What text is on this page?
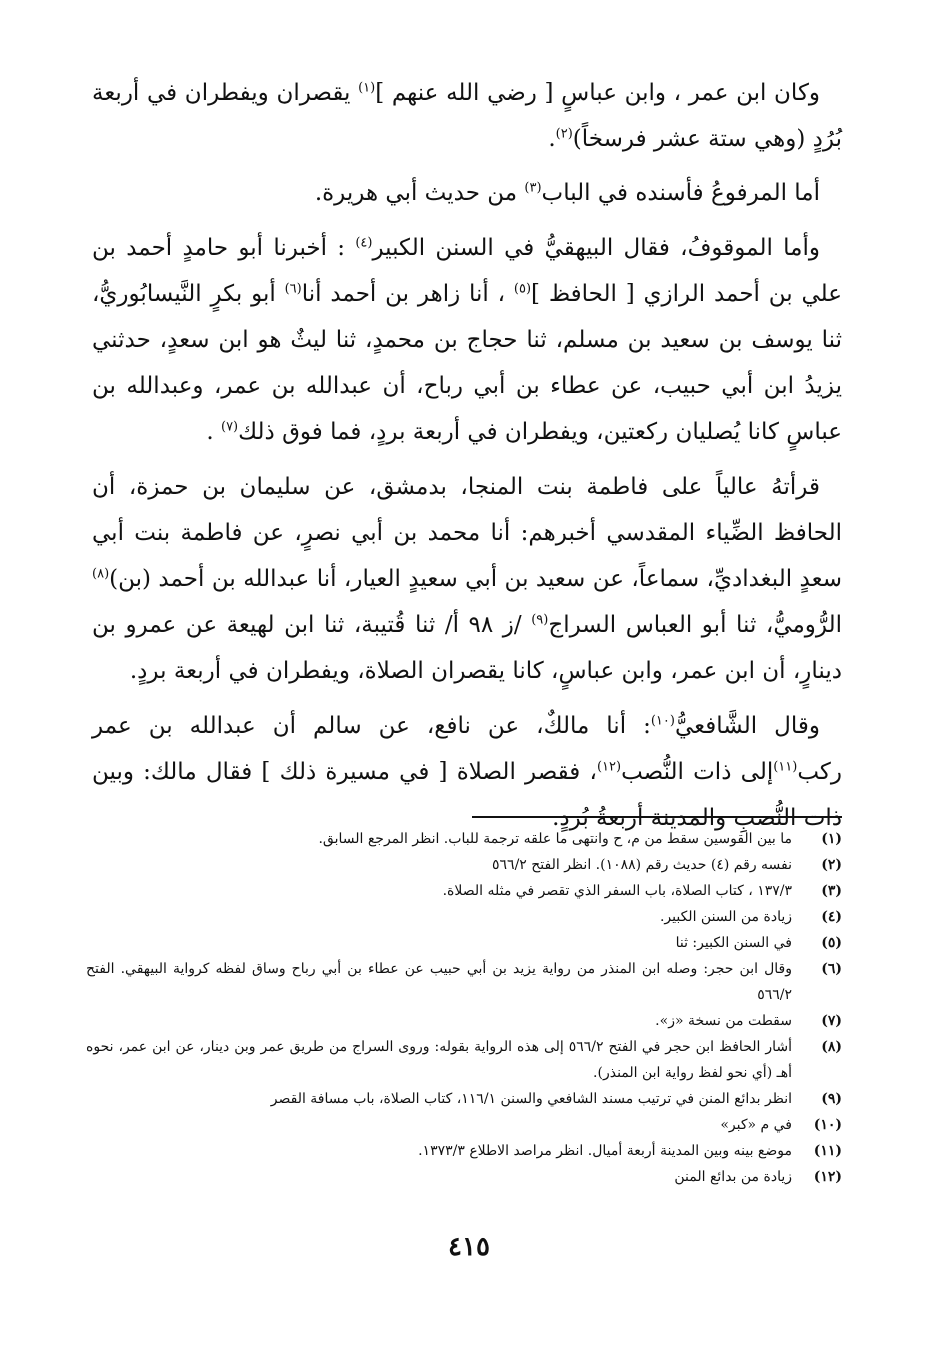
وكان ابن عمر ، وابن عباسٍ [ رضي الله عنهم ]$^{(١)}$ يقصران ويفطران في أربعة بُرُدٍ (وهي ستة عشر فرسخاً)$^{(٢)}$.

أما المرفوعُ فأسنده في الباب$^{(٣)}$ من حديث أبي هريرة.

وأما الموقوفُ، فقال البيهقيُّ في السنن الكبير$^{(٤)}$ : أخبرنا أبو حامدٍ أحمد بن علي بن أحمد الرازي [ الحافظ ]$^{(٥)}$ ، أنا زاهر بن أحمد أنا$^{(٦)}$ أبو بكرٍ النَّيسابُوريُّ، ثنا يوسف بن سعيد بن مسلم، ثنا حجاج بن محمدٍ، ثنا ليثٌ هو ابن سعدٍ، حدثني يزيدُ ابن أبي حبيب، عن عطاء بن أبي رباح، أن عبدالله بن عمر، وعبدالله بن عباسٍ كانا يُصليان ركعتين، ويفطران في أربعة بردٍ، فما فوق ذلك$^{(٧)}$ .

قرأتهُ عالياً على فاطمة بنت المنجا، بدمشق، عن سليمان بن حمزة، أن الحافظ الضِّياء المقدسي أخبرهم: أنا محمد بن أبي نصرٍ، عن فاطمة بنت أبي سعدٍ البغداديِّ، سماعاً، عن سعيد بن أبي سعيدٍ العيار، أنا عبدالله بن أحمد (بن)$^{(٨)}$ الرُّوميُّ، ثنا أبو العباس السراج$^{(٩)}$ /ز ٩٨ أ/ ثنا قُتيبة، ثنا ابن لهيعة عن عمرو بن دينارٍ، أن ابن عمر، وابن عباسٍ، كانا يقصران الصلاة، ويفطران في أربعة بردٍ.

وقال الشَّافعيُّ$^{(١٠)}$: أنا مالكٌ، عن نافع، عن سالم أن عبدالله بن عمر ركب$^{(١١)}$إلى ذات النُّصب$^{(١٢)}$، فقصر الصلاة [ في مسيرة ذلك ] فقال مالك: وبين ذات النُّصبِ والمدينة أربعةُ بُردٍ.

(١)
ما بين القوسين سقط من م، ح وانتهى ما علقه ترجمة للباب. انظر المرجع السابق.
(٢)
نفسه رقم (٤) حديث رقم (١٠٨٨). انظر الفتح ٥٦٦/٢
(٣)
١٣٧/٣ ، كتاب الصلاة، باب السفر الذي تقصر في مثله الصلاة.
(٤)
زيادة من السنن الكبير.
(٥)
في السنن الكبير: ثنا
(٦)
وقال ابن حجر: وصله ابن المنذر من رواية يزيد بن أبي حبيب عن عطاء بن أبي رباح وساق لفظه كرواية البيهقي. الفتح ٥٦٦/٢
(٧)
سقطت من نسخة «ز».
(٨)
أشار الحافظ ابن حجر في الفتح ٥٦٦/٢ إلى هذه الرواية بقوله: وروى السراج من طريق عمر وبن دينار، عن ابن عمر، نحوه أهـ (أي نحو لفظ رواية ابن المنذر).
(٩)
انظر بدائع المنن في ترتيب مسند الشافعي والسنن ١١٦/١، كتاب الصلاة، باب مسافة القصر
(١٠)
في م «كبر»
(١١)
موضع بينه وبين المدينة أربعة أميال. انظر مراصد الاطلاع ١٣٧٣/٣.
(١٢)
زيادة من بدائع المنن
٤١٥
